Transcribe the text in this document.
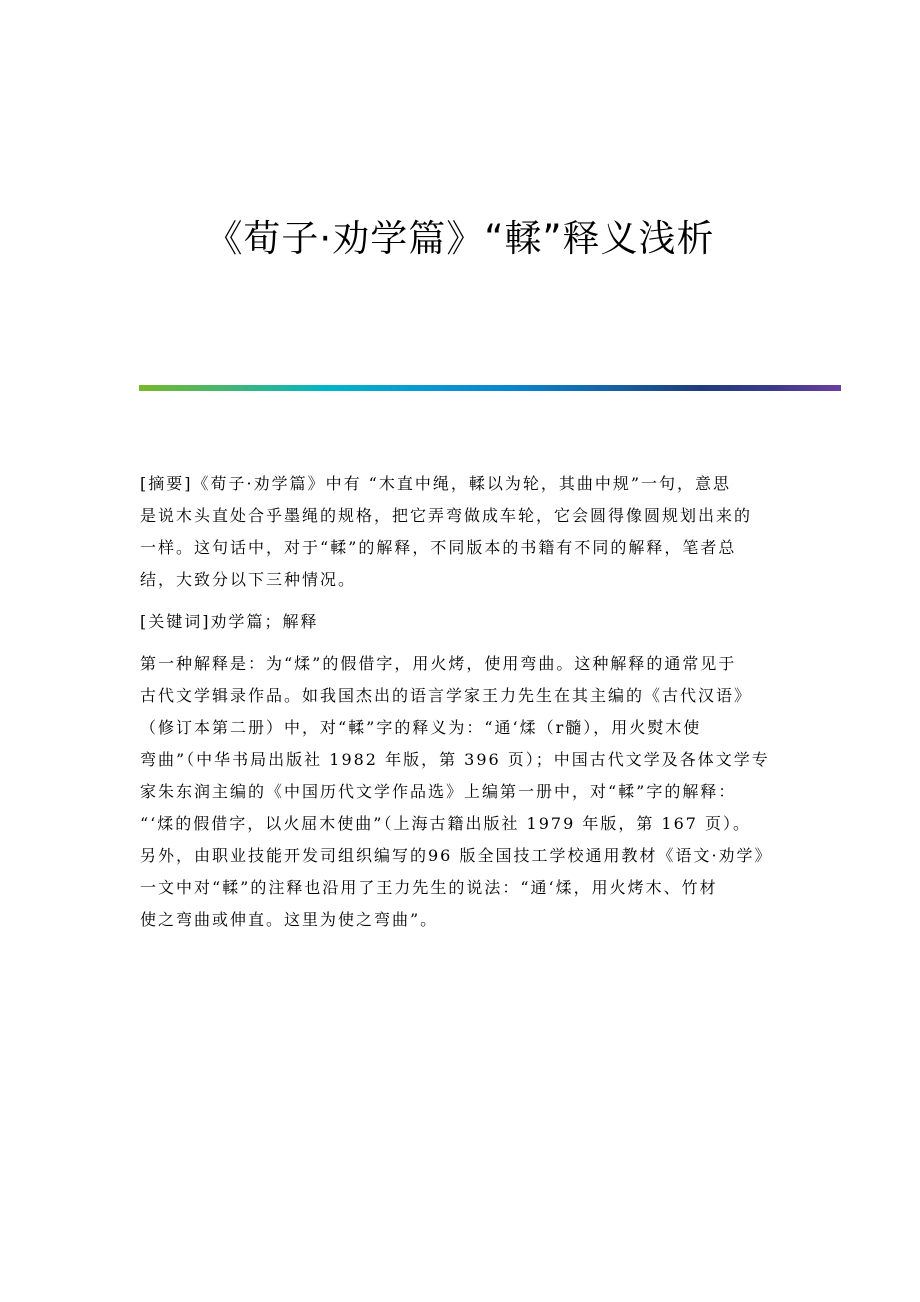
《荀子·劝学篇》“輮”释义浅析
[摘要]《荀子·劝学篇》中有 “木直中绳，輮以为轮，其曲中规”一句，意思
是说木头直处合乎墨绳的规格，把它弄弯做成车轮，它会圆得像圆规划出来的
一样。这句话中，对于“輮”的解释，不同版本的书籍有不同的解释，笔者总
结，大致分以下三种情况。
[关键词]劝学篇；解释
第一种解释是：为“煣”的假借字，用火烤，使用弯曲。这种解释的通常见于
古代文学辑录作品。如我国杰出的语言学家王力先生在其主编的《古代汉语》
（修订本第二册）中，对“輮”字的释义为：“通‘煣（r髓），用火熨木使
弯曲”（中华书局出版社 1982 年版，第 396 页）；中国古代文学及各体文学专
家朱东润主编的《中国历代文学作品选》上编第一册中，对“輮”字的解释：
“‘煣的假借字，以火屈木使曲”（上海古籍出版社 1979 年版，第 167 页）。
另外，由职业技能开发司组织编写的96 版全国技工学校通用教材《语文·劝学》
一文中对“輮”的注释也沿用了王力先生的说法：“通‘煣，用火烤木、竹材
使之弯曲或伸直。这里为使之弯曲”。
